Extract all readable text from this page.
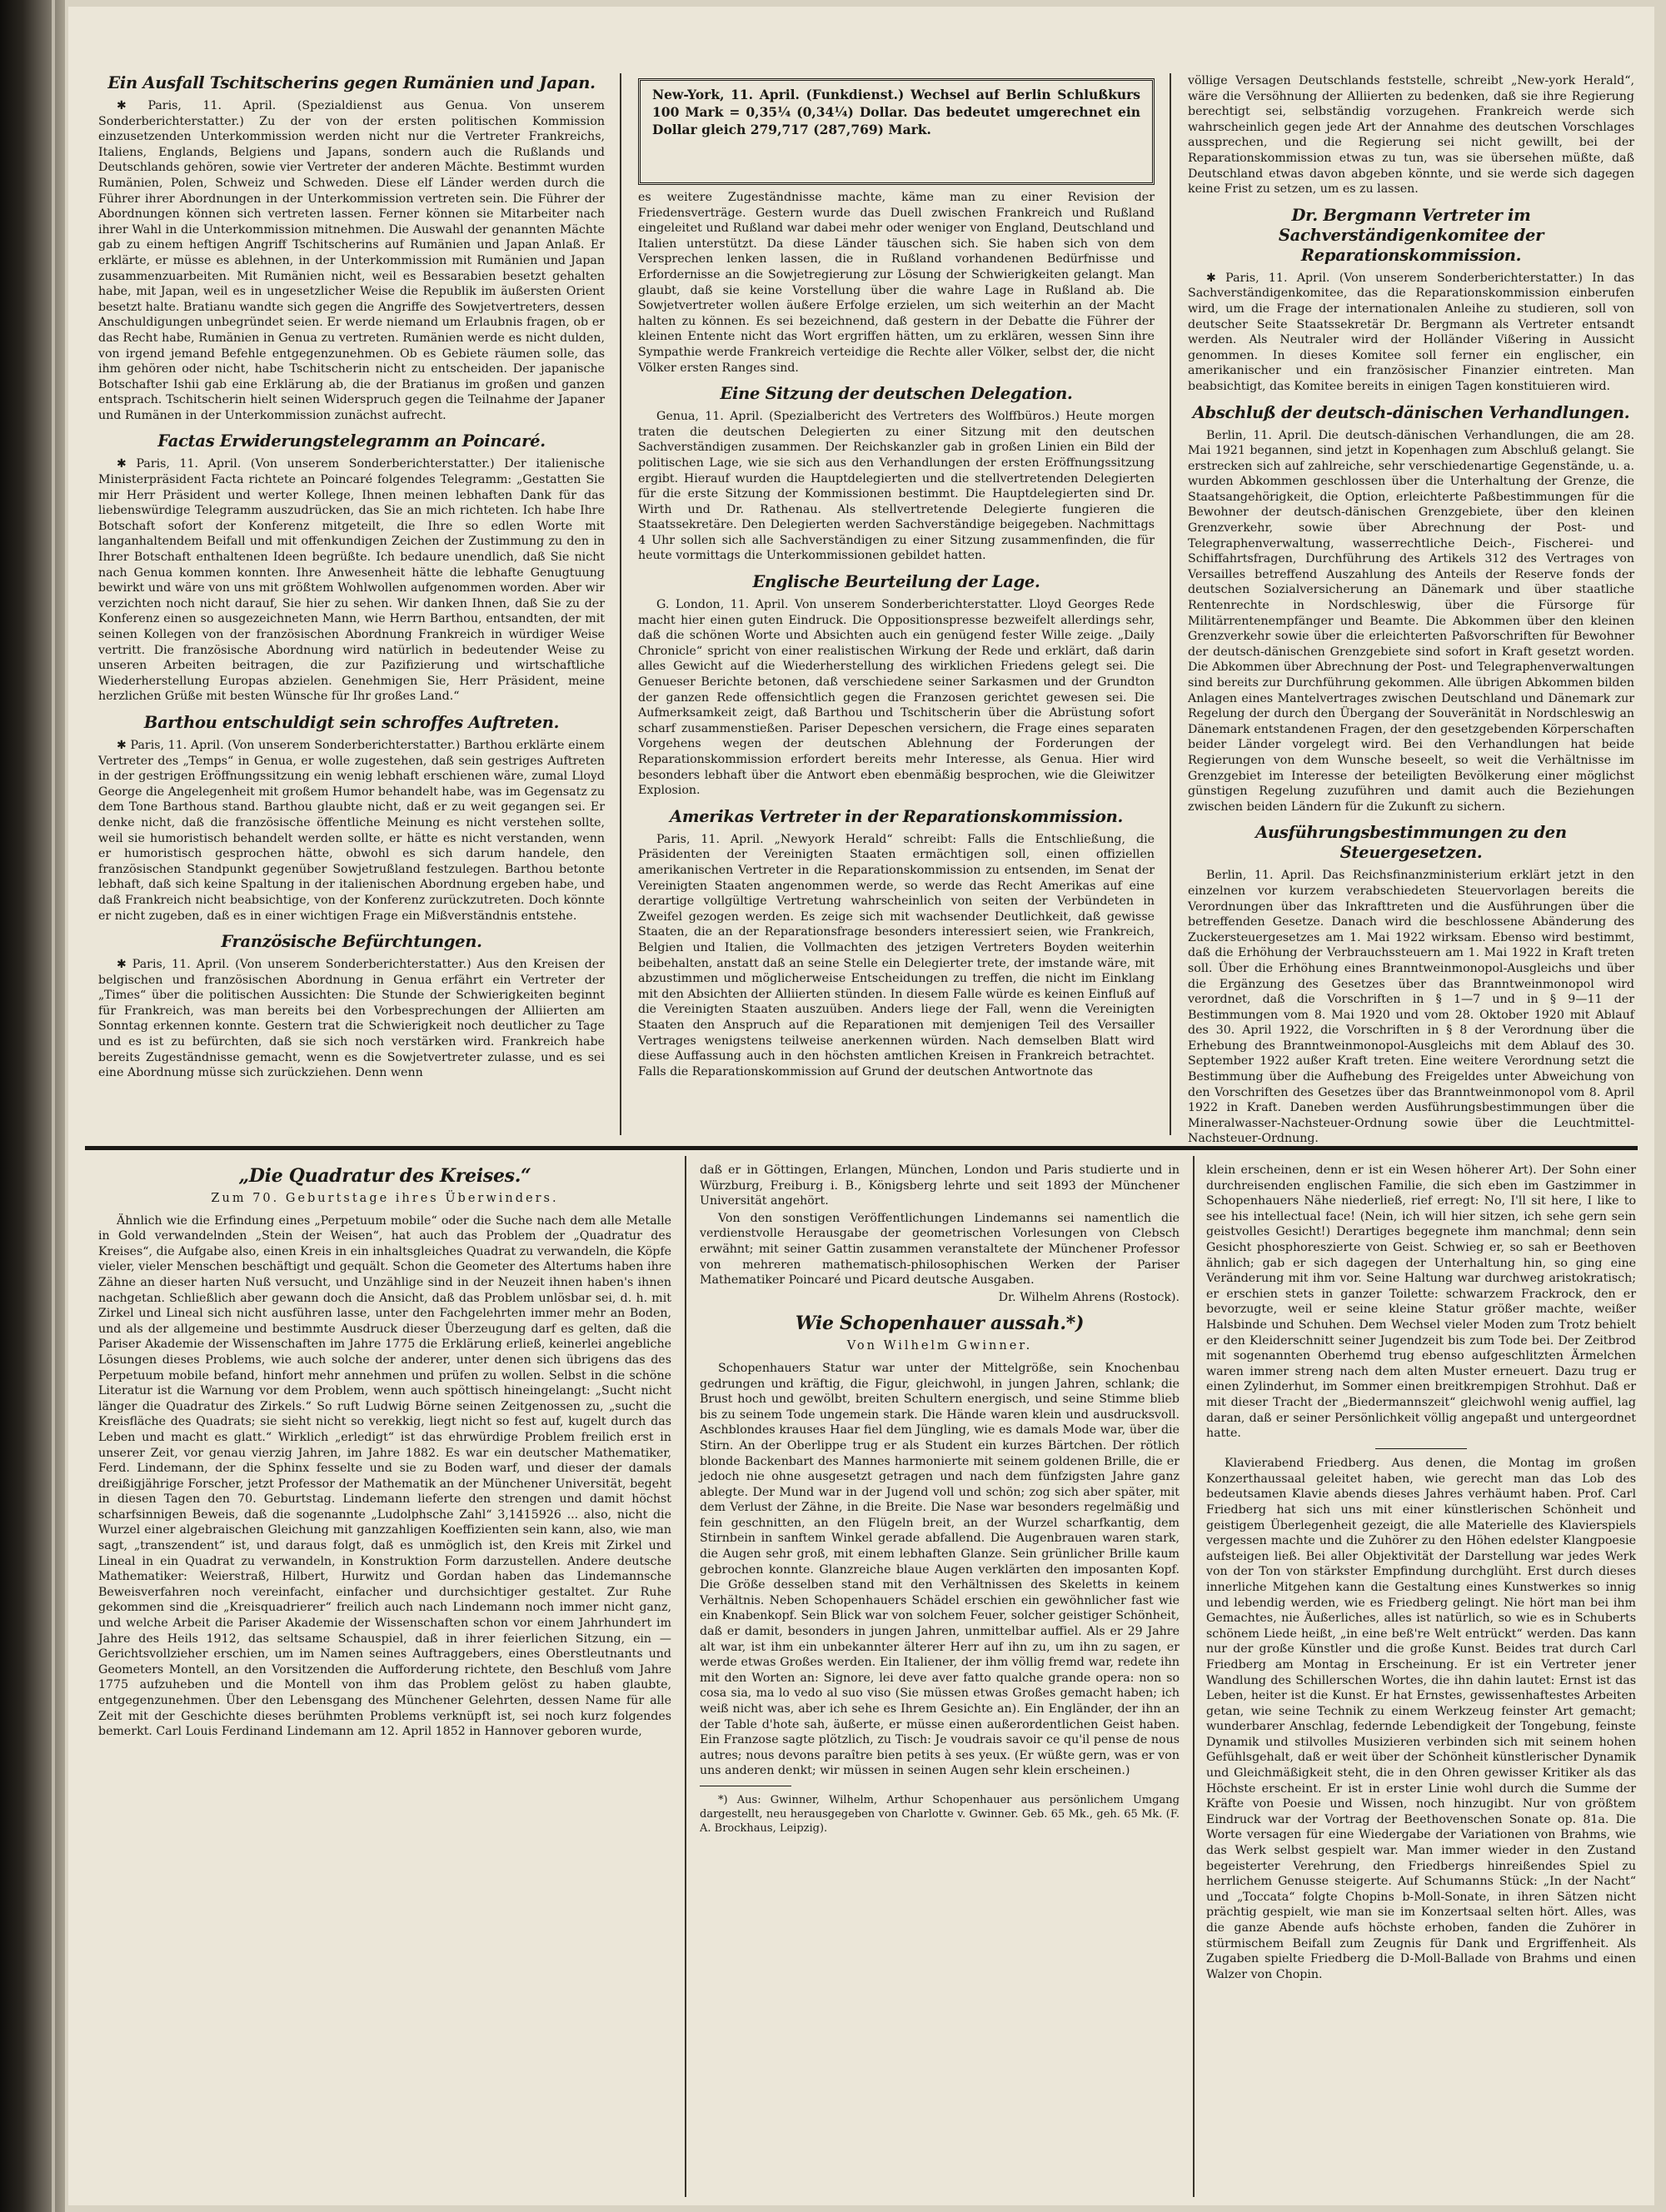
Ein Ausfall Tschitscherins gegen Rumänien und Japan.

✱ Paris, 11. April. (Spezialdienst aus Genua. Von unserem Sonderberichterstatter.) Zu der von der ersten politischen Kommission einzusetzenden Unterkommission werden nicht nur die Vertreter Frankreichs, Italiens, Englands, Belgiens und Japans, sondern auch die Rußlands und Deutschlands gehören, sowie vier Vertreter der anderen Mächte. Bestimmt wurden Rumänien, Polen, Schweiz und Schweden. Diese elf Länder werden durch die Führer ihrer Abordnungen in der Unterkommission vertreten sein. Die Führer der Abordnungen können sich vertreten lassen. Ferner können sie Mitarbeiter nach ihrer Wahl in die Unterkommission mitnehmen. Die Auswahl der genannten Mächte gab zu einem heftigen Angriff Tschitscherins auf Rumänien und Japan Anlaß. Er erklärte, er müsse es ablehnen, in der Unterkommission mit Rumänien und Japan zusammenzuarbeiten. Mit Rumänien nicht, weil es Bessarabien besetzt gehalten habe, mit Japan, weil es in ungesetzlicher Weise die Republik im äußersten Orient besetzt halte. Bratianu wandte sich gegen die Angriffe des Sowjetvertreters, dessen Anschuldigungen unbegründet seien. Er werde niemand um Erlaubnis fragen, ob er das Recht habe, Rumänien in Genua zu vertreten. Rumänien werde es nicht dulden, von irgend jemand Befehle entgegenzunehmen. Ob es Gebiete räumen solle, das ihm gehören oder nicht, habe Tschitscherin nicht zu entscheiden. Der japanische Botschafter Ishii gab eine Erklärung ab, die der Bratianus im großen und ganzen entsprach. Tschitscherin hielt seinen Widerspruch gegen die Teilnahme der Japaner und Rumänen in der Unterkommission zunächst aufrecht.

Factas Erwiderungstelegramm an Poincaré.

✱ Paris, 11. April. (Von unserem Sonderberichterstatter.) Der italienische Ministerpräsident Facta richtete an Poincaré folgendes Telegramm: „Gestatten Sie mir Herr Präsident und werter Kollege, Ihnen meinen lebhaften Dank für das liebenswürdige Telegramm auszudrücken, das Sie an mich richteten. Ich habe Ihre Botschaft sofort der Konferenz mitgeteilt, die Ihre so edlen Worte mit langanhaltendem Beifall und mit offenkundigen Zeichen der Zustimmung zu den in Ihrer Botschaft enthaltenen Ideen begrüßte. Ich bedaure unendlich, daß Sie nicht nach Genua kommen konnten. Ihre Anwesenheit hätte die lebhafte Genugtuung bewirkt und wäre von uns mit größtem Wohlwollen aufgenommen worden. Aber wir verzichten noch nicht darauf, Sie hier zu sehen. Wir danken Ihnen, daß Sie zu der Konferenz einen so ausgezeichneten Mann, wie Herrn Barthou, entsandten, der mit seinen Kollegen von der französischen Abordnung Frankreich in würdiger Weise vertritt. Die französische Abordnung wird natürlich in bedeutender Weise zu unseren Arbeiten beitragen, die zur Pazifizierung und wirtschaftliche Wiederherstellung Europas abzielen. Genehmigen Sie, Herr Präsident, meine herzlichen Grüße mit besten Wünsche für Ihr großes Land.“

Barthou entschuldigt sein schroffes Auftreten.

✱ Paris, 11. April. (Von unserem Sonderberichterstatter.) Barthou erklärte einem Vertreter des „Temps“ in Genua, er wolle zugestehen, daß sein gestriges Auftreten in der gestrigen Eröffnungssitzung ein wenig lebhaft erschienen wäre, zumal Lloyd George die Angelegenheit mit großem Humor behandelt habe, was im Gegensatz zu dem Tone Barthous stand. Barthou glaubte nicht, daß er zu weit gegangen sei. Er denke nicht, daß die französische öffentliche Meinung es nicht verstehen sollte, weil sie humoristisch behandelt werden sollte, er hätte es nicht verstanden, wenn er humoristisch gesprochen hätte, obwohl es sich darum handele, den französischen Standpunkt gegenüber Sowjetrußland festzulegen. Barthou betonte lebhaft, daß sich keine Spaltung in der italienischen Abordnung ergeben habe, und daß Frankreich nicht beabsichtige, von der Konferenz zurückzutreten. Doch könnte er nicht zugeben, daß es in einer wichtigen Frage ein Mißverständnis entstehe.

Französische Befürchtungen.

✱ Paris, 11. April. (Von unserem Sonderberichterstatter.) Aus den Kreisen der belgischen und französischen Abordnung in Genua erfährt ein Vertreter der „Times“ über die politischen Aussichten: Die Stunde der Schwierigkeiten beginnt für Frankreich, was man bereits bei den Vorbesprechungen der Alliierten am Sonntag erkennen konnte. Gestern trat die Schwierigkeit noch deutlicher zu Tage und es ist zu befürchten, daß sie sich noch verstärken wird. Frankreich habe bereits Zugeständnisse gemacht, wenn es die Sowjetvertreter zulasse, und es sei eine Abordnung müsse sich zurückziehen. Denn wenn

New-York, 11. April. (Funkdienst.) Wechsel auf Berlin Schlußkurs 100 Mark = 0,35¼ (0,34¼) Dollar. Das bedeutet umgerechnet ein Dollar gleich 279,717 (287,769) Mark.

es weitere Zugeständnisse machte, käme man zu einer Revision der Friedensverträge. Gestern wurde das Duell zwischen Frankreich und Rußland eingeleitet und Rußland war dabei mehr oder weniger von England, Deutschland und Italien unterstützt. Da diese Länder täuschen sich. Sie haben sich von dem Versprechen lenken lassen, die in Rußland vorhandenen Bedürfnisse und Erfordernisse an die Sowjetregierung zur Lösung der Schwierigkeiten gelangt. Man glaubt, daß sie keine Vorstellung über die wahre Lage in Rußland ab. Die Sowjetvertreter wollen äußere Erfolge erzielen, um sich weiterhin an der Macht halten zu können. Es sei bezeichnend, daß gestern in der Debatte die Führer der kleinen Entente nicht das Wort ergriffen hätten, um zu erklären, wessen Sinn ihre Sympathie werde Frankreich verteidige die Rechte aller Völker, selbst der, die nicht Völker ersten Ranges sind.

Eine Sitzung der deutschen Delegation.

Genua, 11. April. (Spezialbericht des Vertreters des Wolffbüros.) Heute morgen traten die deutschen Delegierten zu einer Sitzung mit den deutschen Sachverständigen zusammen. Der Reichskanzler gab in großen Linien ein Bild der politischen Lage, wie sie sich aus den Verhandlungen der ersten Eröffnungssitzung ergibt. Hierauf wurden die Hauptdelegierten und die stellvertretenden Delegierten für die erste Sitzung der Kommissionen bestimmt. Die Hauptdelegierten sind Dr. Wirth und Dr. Rathenau. Als stellvertretende Delegierte fungieren die Staatssekretäre. Den Delegierten werden Sachverständige beigegeben. Nachmittags 4 Uhr sollen sich alle Sachverständigen zu einer Sitzung zusammenfinden, die für heute vormittags die Unterkommissionen gebildet hatten.

Englische Beurteilung der Lage.

G. London, 11. April. Von unserem Sonderberichterstatter. Lloyd Georges Rede macht hier einen guten Eindruck. Die Oppositionspresse bezweifelt allerdings sehr, daß die schönen Worte und Absichten auch ein genügend fester Wille zeige. „Daily Chronicle“ spricht von einer realistischen Wirkung der Rede und erklärt, daß darin alles Gewicht auf die Wiederherstellung des wirklichen Friedens gelegt sei. Die Genueser Berichte betonen, daß verschiedene seiner Sarkasmen und der Grundton der ganzen Rede offensichtlich gegen die Franzosen gerichtet gewesen sei. Die Aufmerksamkeit zeigt, daß Barthou und Tschitscherin über die Abrüstung sofort scharf zusammenstießen. Pariser Depeschen versichern, die Frage eines separaten Vorgehens wegen der deutschen Ablehnung der Forderungen der Reparationskommission erfordert bereits mehr Interesse, als Genua. Hier wird besonders lebhaft über die Antwort eben ebenmäßig besprochen, wie die Gleiwitzer Explosion.

Amerikas Vertreter in der Reparationskommission.

Paris, 11. April. „Newyork Herald“ schreibt: Falls die Entschließung, die Präsidenten der Vereinigten Staaten ermächtigen soll, einen offiziellen amerikanischen Vertreter in die Reparationskommission zu entsenden, im Senat der Vereinigten Staaten angenommen werde, so werde das Recht Amerikas auf eine derartige vollgültige Vertretung wahrscheinlich von seiten der Verbündeten in Zweifel gezogen werden. Es zeige sich mit wachsender Deutlichkeit, daß gewisse Staaten, die an der Reparationsfrage besonders interessiert seien, wie Frankreich, Belgien und Italien, die Vollmachten des jetzigen Vertreters Boyden weiterhin beibehalten, anstatt daß an seine Stelle ein Delegierter trete, der imstande wäre, mit abzustimmen und möglicherweise Entscheidungen zu treffen, die nicht im Einklang mit den Absichten der Alliierten stünden. In diesem Falle würde es keinen Einfluß auf die Vereinigten Staaten auszuüben. Anders liege der Fall, wenn die Vereinigten Staaten den Anspruch auf die Reparationen mit demjenigen Teil des Versailler Vertrages wenigstens teilweise anerkennen würden. Nach demselben Blatt wird diese Auffassung auch in den höchsten amtlichen Kreisen in Frankreich betrachtet. Falls die Reparationskommission auf Grund der deutschen Antwortnote das

völlige Versagen Deutschlands feststelle, schreibt „New-york Herald“, wäre die Versöhnung der Alliierten zu bedenken, daß sie ihre Regierung berechtigt sei, selbständig vorzugehen. Frankreich werde sich wahrscheinlich gegen jede Art der Annahme des deutschen Vorschlages aussprechen, und die Regierung sei nicht gewillt, bei der Reparationskommission etwas zu tun, was sie übersehen müßte, daß Deutschland etwas davon abgeben könnte, und sie werde sich dagegen keine Frist zu setzen, um es zu lassen.

Dr. Bergmann Vertreter im Sachverständigenkomitee der Reparationskommission.

✱ Paris, 11. April. (Von unserem Sonderberichterstatter.) In das Sachverständigenkomitee, das die Reparationskommission einberufen wird, um die Frage der internationalen Anleihe zu studieren, soll von deutscher Seite Staatssekretär Dr. Bergmann als Vertreter entsandt werden. Als Neutraler wird der Holländer Vißering in Aussicht genommen. In dieses Komitee soll ferner ein englischer, ein amerikanischer und ein französischer Finanzier eintreten. Man beabsichtigt, das Komitee bereits in einigen Tagen konstituieren wird.

Abschluß der deutsch-dänischen Verhandlungen.

Berlin, 11. April. Die deutsch-dänischen Verhandlungen, die am 28. Mai 1921 begannen, sind jetzt in Kopenhagen zum Abschluß gelangt. Sie erstrecken sich auf zahlreiche, sehr verschiedenartige Gegenstände, u. a. wurden Abkommen geschlossen über die Unterhaltung der Grenze, die Staatsangehörigkeit, die Option, erleichterte Paßbestimmungen für die Bewohner der deutsch-dänischen Grenzgebiete, über den kleinen Grenzverkehr, sowie über Abrechnung der Post- und Telegraphenverwaltung, wasserrechtliche Deich-, Fischerei- und Schiffahrtsfragen, Durchführung des Artikels 312 des Vertrages von Versailles betreffend Auszahlung des Anteils der Reserve fonds der deutschen Sozialversicherung an Dänemark und über staatliche Rentenrechte in Nordschleswig, über die Fürsorge für Militärrentenempfänger und Beamte. Die Abkommen über den kleinen Grenzverkehr sowie über die erleichterten Paßvorschriften für Bewohner der deutsch-dänischen Grenzgebiete sind sofort in Kraft gesetzt worden. Die Abkommen über Abrechnung der Post- und Telegraphenverwaltungen sind bereits zur Durchführung gekommen. Alle übrigen Abkommen bilden Anlagen eines Mantelvertrages zwischen Deutschland und Dänemark zur Regelung der durch den Übergang der Souveränität in Nordschleswig an Dänemark entstandenen Fragen, der den gesetzgebenden Körperschaften beider Länder vorgelegt wird. Bei den Verhandlungen hat beide Regierungen von dem Wunsche beseelt, so weit die Verhältnisse im Grenzgebiet im Interesse der beteiligten Bevölkerung einer möglichst günstigen Regelung zuzuführen und damit auch die Beziehungen zwischen beiden Ländern für die Zukunft zu sichern.

Ausführungsbestimmungen zu den Steuergesetzen.

Berlin, 11. April. Das Reichsfinanzministerium erklärt jetzt in den einzelnen vor kurzem verabschiedeten Steuervorlagen bereits die Verordnungen über das Inkrafttreten und die Ausführungen über die betreffenden Gesetze. Danach wird die beschlossene Abänderung des Zuckersteuergesetzes am 1. Mai 1922 wirksam. Ebenso wird bestimmt, daß die Erhöhung der Verbrauchssteuern am 1. Mai 1922 in Kraft treten soll. Über die Erhöhung eines Branntweinmonopol-Ausgleichs und über die Ergänzung des Gesetzes über das Branntweinmonopol wird verordnet, daß die Vorschriften in § 1—7 und in § 9—11 der Bestimmungen vom 8. Mai 1920 und vom 28. Oktober 1920 mit Ablauf des 30. April 1922, die Vorschriften in § 8 der Verordnung über die Erhebung des Branntweinmonopol-Ausgleichs mit dem Ablauf des 30. September 1922 außer Kraft treten. Eine weitere Verordnung setzt die Bestimmung über die Aufhebung des Freigeldes unter Abweichung von den Vorschriften des Gesetzes über das Branntweinmonopol vom 8. April 1922 in Kraft. Daneben werden Ausführungsbestimmungen über die Mineralwasser-Nachsteuer-Ordnung sowie über die Leuchtmittel-Nachsteuer-Ordnung.

„Die Quadratur des Kreises.“
Zum 70. Geburtstage ihres Überwinders.

Ähnlich wie die Erfindung eines „Perpetuum mobile“ oder die Suche nach dem alle Metalle in Gold verwandelnden „Stein der Weisen“, hat auch das Problem der „Quadratur des Kreises“, die Aufgabe also, einen Kreis in ein inhaltsgleiches Quadrat zu verwandeln, die Köpfe vieler, vieler Menschen beschäftigt und gequält. Schon die Geometer des Altertums haben ihre Zähne an dieser harten Nuß versucht, und Unzählige sind in der Neuzeit ihnen haben's ihnen nachgetan. Schließlich aber gewann doch die Ansicht, daß das Problem unlösbar sei, d. h. mit Zirkel und Lineal sich nicht ausführen lasse, unter den Fachgelehrten immer mehr an Boden, und als der allgemeine und bestimmte Ausdruck dieser Überzeugung darf es gelten, daß die Pariser Akademie der Wissenschaften im Jahre 1775 die Erklärung erließ, keinerlei angebliche Lösungen dieses Problems, wie auch solche der anderer, unter denen sich übrigens das des Perpetuum mobile befand, hinfort mehr annehmen und prüfen zu wollen. Selbst in die schöne Literatur ist die Warnung vor dem Problem, wenn auch spöttisch hineingelangt: „Sucht nicht länger die Quadratur des Zirkels.“ So ruft Ludwig Börne seinen Zeitgenossen zu, „sucht die Kreisfläche des Quadrats; sie sieht nicht so verekkig, liegt nicht so fest auf, kugelt durch das Leben und macht es glatt.“ Wirklich „erledigt“ ist das ehrwürdige Problem freilich erst in unserer Zeit, vor genau vierzig Jahren, im Jahre 1882. Es war ein deutscher Mathematiker, Ferd. Lindemann, der die Sphinx fesselte und sie zu Boden warf, und dieser der damals dreißigjährige Forscher, jetzt Professor der Mathematik an der Münchener Universität, begeht in diesen Tagen den 70. Geburtstag. Lindemann lieferte den strengen und damit höchst scharfsinnigen Beweis, daß die sogenannte „Ludolphsche Zahl“ 3,1415926 ... also, nicht die Wurzel einer algebraischen Gleichung mit ganzzahligen Koeffizienten sein kann, also, wie man sagt, „transzendent“ ist, und daraus folgt, daß es unmöglich ist, den Kreis mit Zirkel und Lineal in ein Quadrat zu verwandeln, in Konstruktion Form darzustellen. Andere deutsche Mathematiker: Weierstraß, Hilbert, Hurwitz und Gordan haben das Lindemannsche Beweisverfahren noch vereinfacht, einfacher und durchsichtiger gestaltet. Zur Ruhe gekommen sind die „Kreisquadrierer“ freilich auch nach Lindemann noch immer nicht ganz, und welche Arbeit die Pariser Akademie der Wissenschaften schon vor einem Jahrhundert im Jahre des Heils 1912, das seltsame Schauspiel, daß in ihrer feierlichen Sitzung, ein — Gerichtsvollzieher erschien, um im Namen seines Auftraggebers, eines Oberstleutnants und Geometers Montell, an den Vorsitzenden die Aufforderung richtete, den Beschluß vom Jahre 1775 aufzuheben und die Montell von ihm das Problem gelöst zu haben glaubte, entgegenzunehmen. Über den Lebensgang des Münchener Gelehrten, dessen Name für alle Zeit mit der Geschichte dieses berühmten Problems verknüpft ist, sei noch kurz folgendes bemerkt. Carl Louis Ferdinand Lindemann am 12. April 1852 in Hannover geboren wurde,

daß er in Göttingen, Erlangen, München, London und Paris studierte und in Würzburg, Freiburg i. B., Königsberg lehrte und seit 1893 der Münchener Universität angehört.

Von den sonstigen Veröffentlichungen Lindemanns sei namentlich die verdienstvolle Herausgabe der geometrischen Vorlesungen von Clebsch erwähnt; mit seiner Gattin zusammen veranstaltete der Münchener Professor von mehreren mathematisch-philosophischen Werken der Pariser Mathematiker Poincaré und Picard deutsche Ausgaben.

Dr. Wilhelm Ahrens (Rostock).
Wie Schopenhauer aussah.*)
Von Wilhelm Gwinner.

Schopenhauers Statur war unter der Mittelgröße, sein Knochenbau gedrungen und kräftig, die Figur, gleichwohl, in jungen Jahren, schlank; die Brust hoch und gewölbt, breiten Schultern energisch, und seine Stimme blieb bis zu seinem Tode ungemein stark. Die Hände waren klein und ausdrucksvoll. Aschblondes krauses Haar fiel dem Jüngling, wie es damals Mode war, über die Stirn. An der Oberlippe trug er als Student ein kurzes Bärtchen. Der rötlich blonde Backenbart des Mannes harmonierte mit seinem goldenen Brille, die er jedoch nie ohne ausgesetzt getragen und nach dem fünfzigsten Jahre ganz ablegte. Der Mund war in der Jugend voll und schön; zog sich aber später, mit dem Verlust der Zähne, in die Breite. Die Nase war besonders regelmäßig und fein geschnitten, an den Flügeln breit, an der Wurzel scharfkantig, dem Stirnbein in sanftem Winkel gerade abfallend. Die Augenbrauen waren stark, die Augen sehr groß, mit einem lebhaften Glanze. Sein grünlicher Brille kaum gebrochen konnte. Glanzreiche blaue Augen verklärten den imposanten Kopf. Die Größe desselben stand mit den Verhältnissen des Skeletts in keinem Verhältnis. Neben Schopenhauers Schädel erschien ein gewöhnlicher fast wie ein Knabenkopf. Sein Blick war von solchem Feuer, solcher geistiger Schönheit, daß er damit, besonders in jungen Jahren, unmittelbar auffiel. Als er 29 Jahre alt war, ist ihm ein unbekannter älterer Herr auf ihn zu, um ihn zu sagen, er werde etwas Großes werden. Ein Italiener, der ihm völlig fremd war, redete ihn mit den Worten an: Signore, lei deve aver fatto qualche grande opera: non so cosa sia, ma lo vedo al suo viso (Sie müssen etwas Großes gemacht haben; ich weiß nicht was, aber ich sehe es Ihrem Gesichte an). Ein Engländer, der ihn an der Table d'hote sah, äußerte, er müsse einen außerordentlichen Geist haben. Ein Franzose sagte plötzlich, zu Tisch: Je voudrais savoir ce qu'il pense de nous autres; nous devons paraître bien petits à ses yeux. (Er wüßte gern, was er von uns anderen denkt; wir müssen in seinen Augen sehr klein erscheinen.)

*) Aus: Gwinner, Wilhelm, Arthur Schopenhauer aus persönlichem Umgang dargestellt, neu herausgegeben von Charlotte v. Gwinner. Geb. 65 Mk., geh. 65 Mk. (F. A. Brockhaus, Leipzig).

klein erscheinen, denn er ist ein Wesen höherer Art). Der Sohn einer durchreisenden englischen Familie, die sich eben im Gastzimmer in Schopenhauers Nähe niederließ, rief erregt: No, I'll sit here, I like to see his intellectual face! (Nein, ich will hier sitzen, ich sehe gern sein geistvolles Gesicht!) Derartiges begegnete ihm manchmal; denn sein Gesicht phosphoreszierte von Geist. Schwieg er, so sah er Beethoven ähnlich; gab er sich dagegen der Unterhaltung hin, so ging eine Veränderung mit ihm vor. Seine Haltung war durchweg aristokratisch; er erschien stets in ganzer Toilette: schwarzem Frackrock, den er bevorzugte, weil er seine kleine Statur größer machte, weißer Halsbinde und Schuhen. Dem Wechsel vieler Moden zum Trotz behielt er den Kleiderschnitt seiner Jugendzeit bis zum Tode bei. Der Zeitbrod mit sogenannten Oberhemd trug ebenso aufgeschlitzten Ärmelchen waren immer streng nach dem alten Muster erneuert. Dazu trug er einen Zylinderhut, im Sommer einen breitkrempigen Strohhut. Daß er mit dieser Tracht der „Biedermannszeit“ gleichwohl wenig auffiel, lag daran, daß er seiner Persönlichkeit völlig angepaßt und untergeordnet hatte.

Klavierabend Friedberg. Aus denen, die Montag im großen Konzerthaussaal geleitet haben, wie gerecht man das Lob des bedeutsamen Klavie abends dieses Jahres verhäumt haben. Prof. Carl Friedberg hat sich uns mit einer künstlerischen Schönheit und geistigem Überlegenheit gezeigt, die alle Materielle des Klavierspiels vergessen machte und die Zuhörer zu den Höhen edelster Klangpoesie aufsteigen ließ. Bei aller Objektivität der Darstellung war jedes Werk von der Ton von stärkster Empfindung durchglüht. Erst durch dieses innerliche Mitgehen kann die Gestaltung eines Kunstwerkes so innig und lebendig werden, wie es Friedberg gelingt. Nie hört man bei ihm Gemachtes, nie Äußerliches, alles ist natürlich, so wie es in Schuberts schönem Liede heißt, „in eine beß're Welt entrückt“ werden. Das kann nur der große Künstler und die große Kunst. Beides trat durch Carl Friedberg am Montag in Erscheinung. Er ist ein Vertreter jener Wandlung des Schillerschen Wortes, die ihn dahin lautet: Ernst ist das Leben, heiter ist die Kunst. Er hat Ernstes, gewissenhaftestes Arbeiten getan, wie seine Technik zu einem Werkzeug feinster Art gemacht; wunderbarer Anschlag, federnde Lebendigkeit der Tongebung, feinste Dynamik und stilvolles Musizieren verbinden sich mit seinem hohen Gefühlsgehalt, daß er weit über der Schönheit künstlerischer Dynamik und Gleichmäßigkeit steht, die in den Ohren gewisser Kritiker als das Höchste erscheint. Er ist in erster Linie wohl durch die Summe der Kräfte von Poesie und Wissen, noch hinzugibt. Nur von größtem Eindruck war der Vortrag der Beethovenschen Sonate op. 81a. Die Worte versagen für eine Wiedergabe der Variationen von Brahms, wie das Werk selbst gespielt war. Man immer wieder in den Zustand begeisterter Verehrung, den Friedbergs hinreißendes Spiel zu herrlichem Genusse steigerte. Auf Schumanns Stück: „In der Nacht“ und „Toccata“ folgte Chopins b-Moll-Sonate, in ihren Sätzen nicht prächtig gespielt, wie man sie im Konzertsaal selten hört. Alles, was die ganze Abende aufs höchste erhoben, fanden die Zuhörer in stürmischem Beifall zum Zeugnis für Dank und Ergriffenheit. Als Zugaben spielte Friedberg die D-Moll-Ballade von Brahms und einen Walzer von Chopin.
